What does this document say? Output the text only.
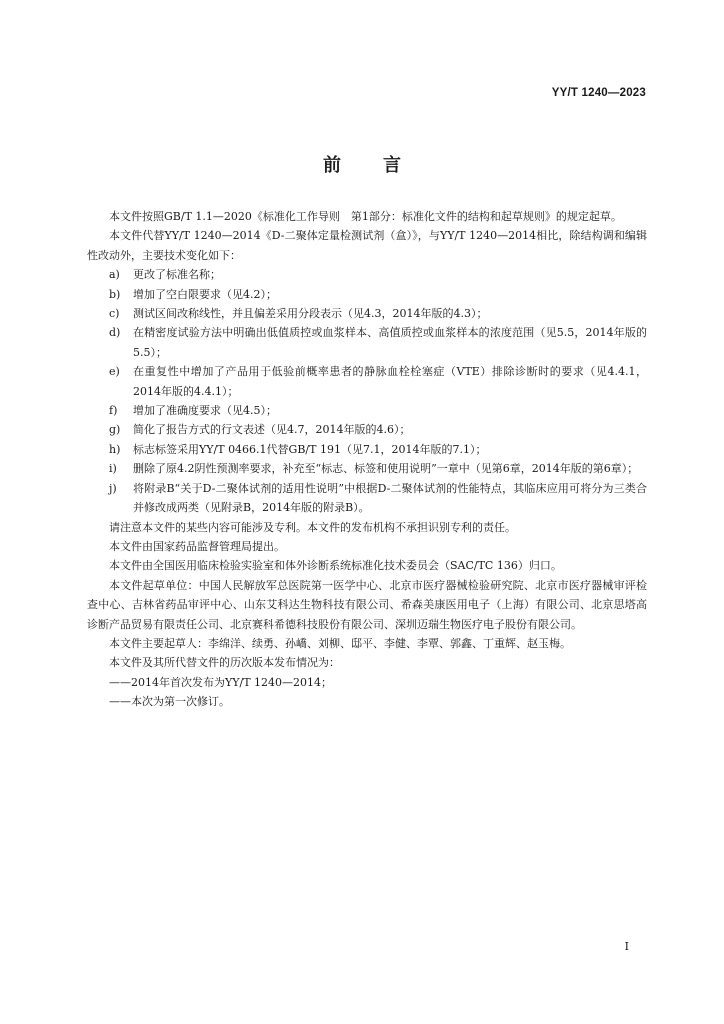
YY/T 1240—2023
前言

本文件按照GB/T 1.1—2020《标准化工作导则　第1部分：标准化文件的结构和起草规则》的规定起草。

本文件代替YY/T 1240—2014《D-二聚体定量检测试剂（盒）》，与YY/T 1240—2014相比，除结构调和编辑性改动外，主要技术变化如下：

a)	更改了标准名称；
b)	增加了空白限要求（见4.2）；
c)	测试区间改称线性，并且偏差采用分段表示（见4.3，2014年版的4.3）；
d)	在精密度试验方法中明确出低值质控或血浆样本、高值质控或血浆样本的浓度范围（见5.5，2014年版的5.5）；
e)	在重复性中增加了产品用于低验前概率患者的静脉血栓栓塞症（VTE）排除诊断时的要求（见4.4.1，2014年版的4.4.1）；
f)	增加了准确度要求（见4.5）；
g)	简化了报告方式的行文表述（见4.7，2014年版的4.6）；
h)	标志标签采用YY/T 0466.1代替GB/T 191（见7.1，2014年版的7.1）；
i)	删除了原4.2阴性预测率要求，补充至“标志、标签和使用说明”一章中（见第6章，2014年版的第6章）；
j)	将附录B“关于D-二聚体试剂的适用性说明”中根据D-二聚体试剂的性能特点，其临床应用可将分为三类合并修改成两类（见附录B，2014年版的附录B）。

请注意本文件的某些内容可能涉及专利。本文件的发布机构不承担识别专利的责任。

本文件由国家药品监督管理局提出。

本文件由全国医用临床检验实验室和体外诊断系统标准化技术委员会（SAC/TC 136）归口。

本文件起草单位：中国人民解放军总医院第一医学中心、北京市医疗器械检验研究院、北京市医疗器械审评检查中心、吉林省药品审评中心、山东艾科达生物科技有限公司、希森美康医用电子（上海）有限公司、北京思塔高诊断产品贸易有限责任公司、北京赛科希德科技股份有限公司、深圳迈瑞生物医疗电子股份有限公司。

本文件主要起草人：李绵洋、续勇、孙嶠、刘柳、邸平、李健、李覃、郭鑫、丁重辉、赵玉梅。

本文件及其所代替文件的历次版本发布情况为：

——2014年首次发布为YY/T 1240—2014；

——本次为第一次修订。

I
